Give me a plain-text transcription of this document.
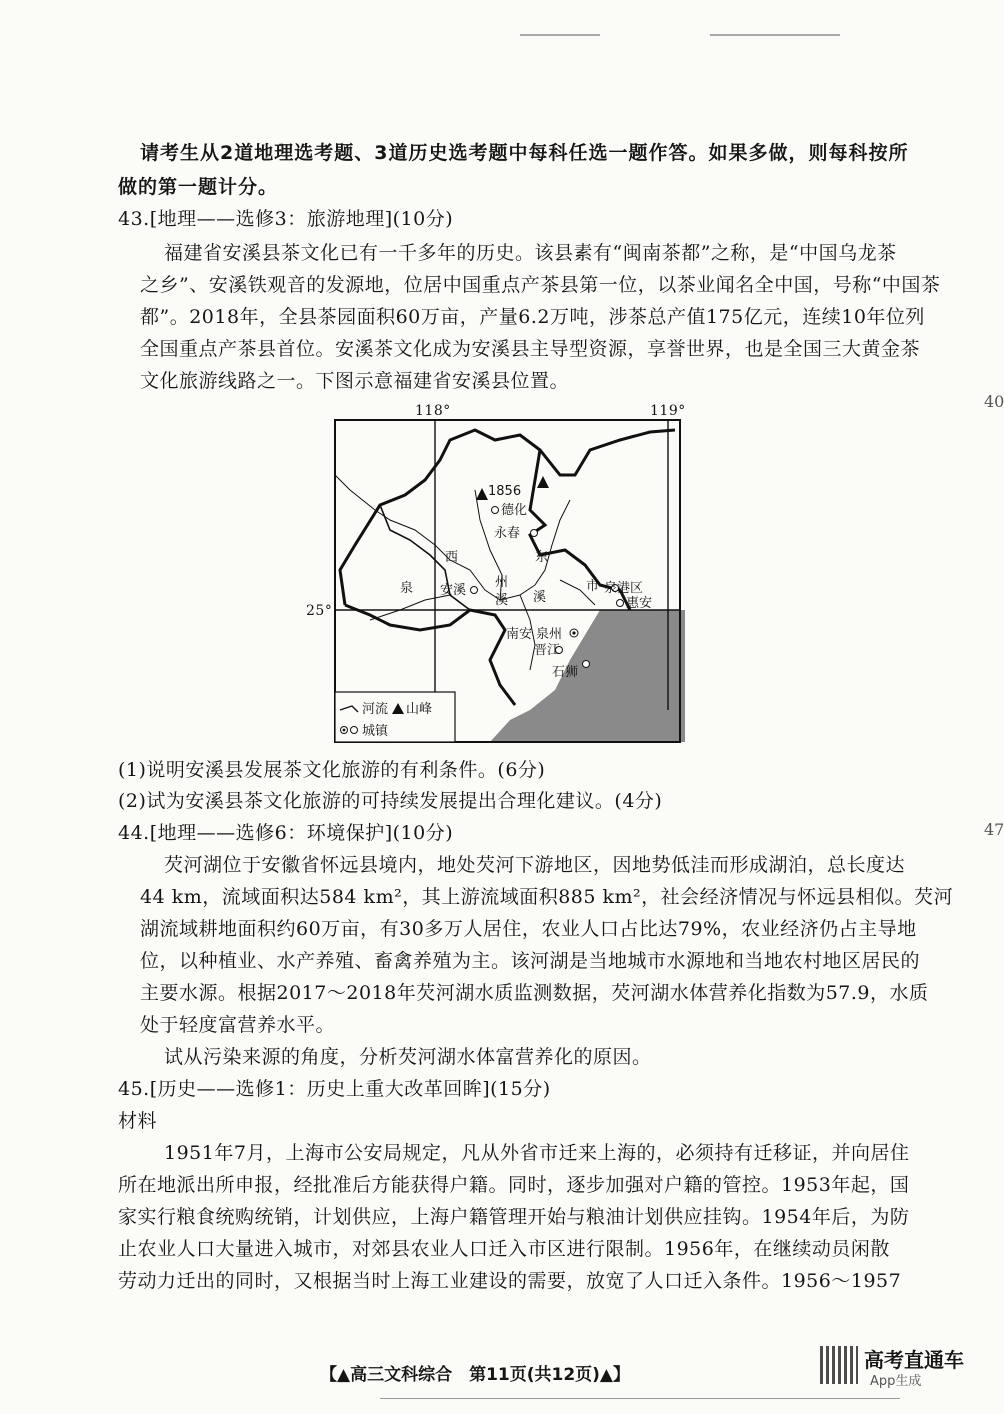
请考生从2道地理选考题、3道历史选考题中每科任选一题作答。如果多做，则每科按所
做的第一题计分。
43.[地理——选修3：旅游地理](10分)
福建省安溪县茶文化已有一千多年的历史。该县素有“闽南茶都”之称，是“中国乌龙茶
之乡”、安溪铁观音的发源地，位居中国重点产茶县第一位，以茶业闻名全中国，号称“中国茶
都”。2018年，全县茶园面积60万亩，产量6.2万吨，涉茶总产值175亿元，连续10年位列
全国重点产茶县首位。安溪茶文化成为安溪县主导型资源，享誉世界，也是全国三大黄金茶
文化旅游线路之一。下图示意福建省安溪县位置。
40
1856
德化
永春
西	东
泉 安溪
州
溪 溪
市 泉港区
惠安
南安 泉州
晋江
石狮
河流 山峰
城镇
118°	119°
25°
(1)说明安溪县发展茶文化旅游的有利条件。(6分)
(2)试为安溪县茶文化旅游的可持续发展提出合理化建议。(4分)
44.[地理——选修6：环境保护](10分)	47
芡河湖位于安徽省怀远县境内，地处芡河下游地区，因地势低洼而形成湖泊，总长度达
44 km，流域面积达584 km²，其上游流域面积885 km²，社会经济情况与怀远县相似。芡河
湖流域耕地面积约60万亩，有30多万人居住，农业人口占比达79%，农业经济仍占主导地
位，以种植业、水产养殖、畜禽养殖为主。该河湖是当地城市水源地和当地农村地区居民的
主要水源。根据2017～2018年芡河湖水质监测数据，芡河湖水体营养化指数为57.9，水质
处于轻度富营养水平。
试从污染来源的角度，分析芡河湖水体富营养化的原因。
45.[历史——选修1：历史上重大改革回眸](15分)
材料
1951年7月，上海市公安局规定，凡从外省市迁来上海的，必须持有迁移证，并向居住
所在地派出所申报，经批准后方能获得户籍。同时，逐步加强对户籍的管控。1953年起，国
家实行粮食统购统销，计划供应，上海户籍管理开始与粮油计划供应挂钩。1954年后，为防
止农业人口大量进入城市，对郊县农业人口迁入市区进行限制。1956年，在继续动员闲散
劳动力迁出的同时，又根据当时上海工业建设的需要，放宽了人口迁入条件。1956～1957
【▲高三文科综合　第11页(共12页)▲】
高考直通车
App生成
